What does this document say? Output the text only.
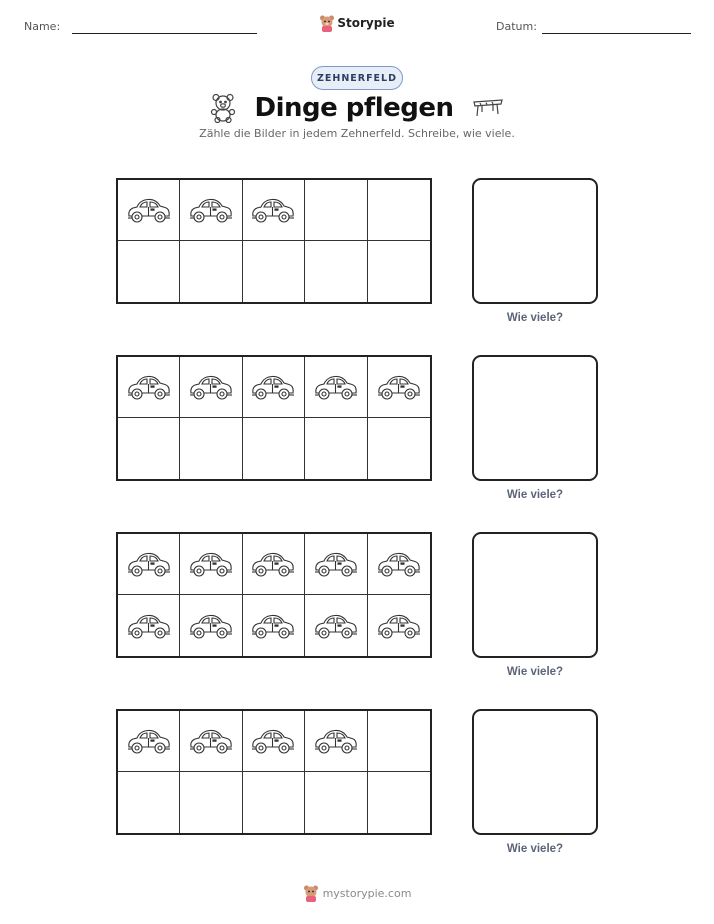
Name:	Datum:
Storypie
ZEHNERFELD
Dinge pflegen
Zähle die Bilder in jedem Zehnerfeld. Schreibe, wie viele.
Wie viele?
Wie viele?
Wie viele?
Wie viele?
mystorypie.com
